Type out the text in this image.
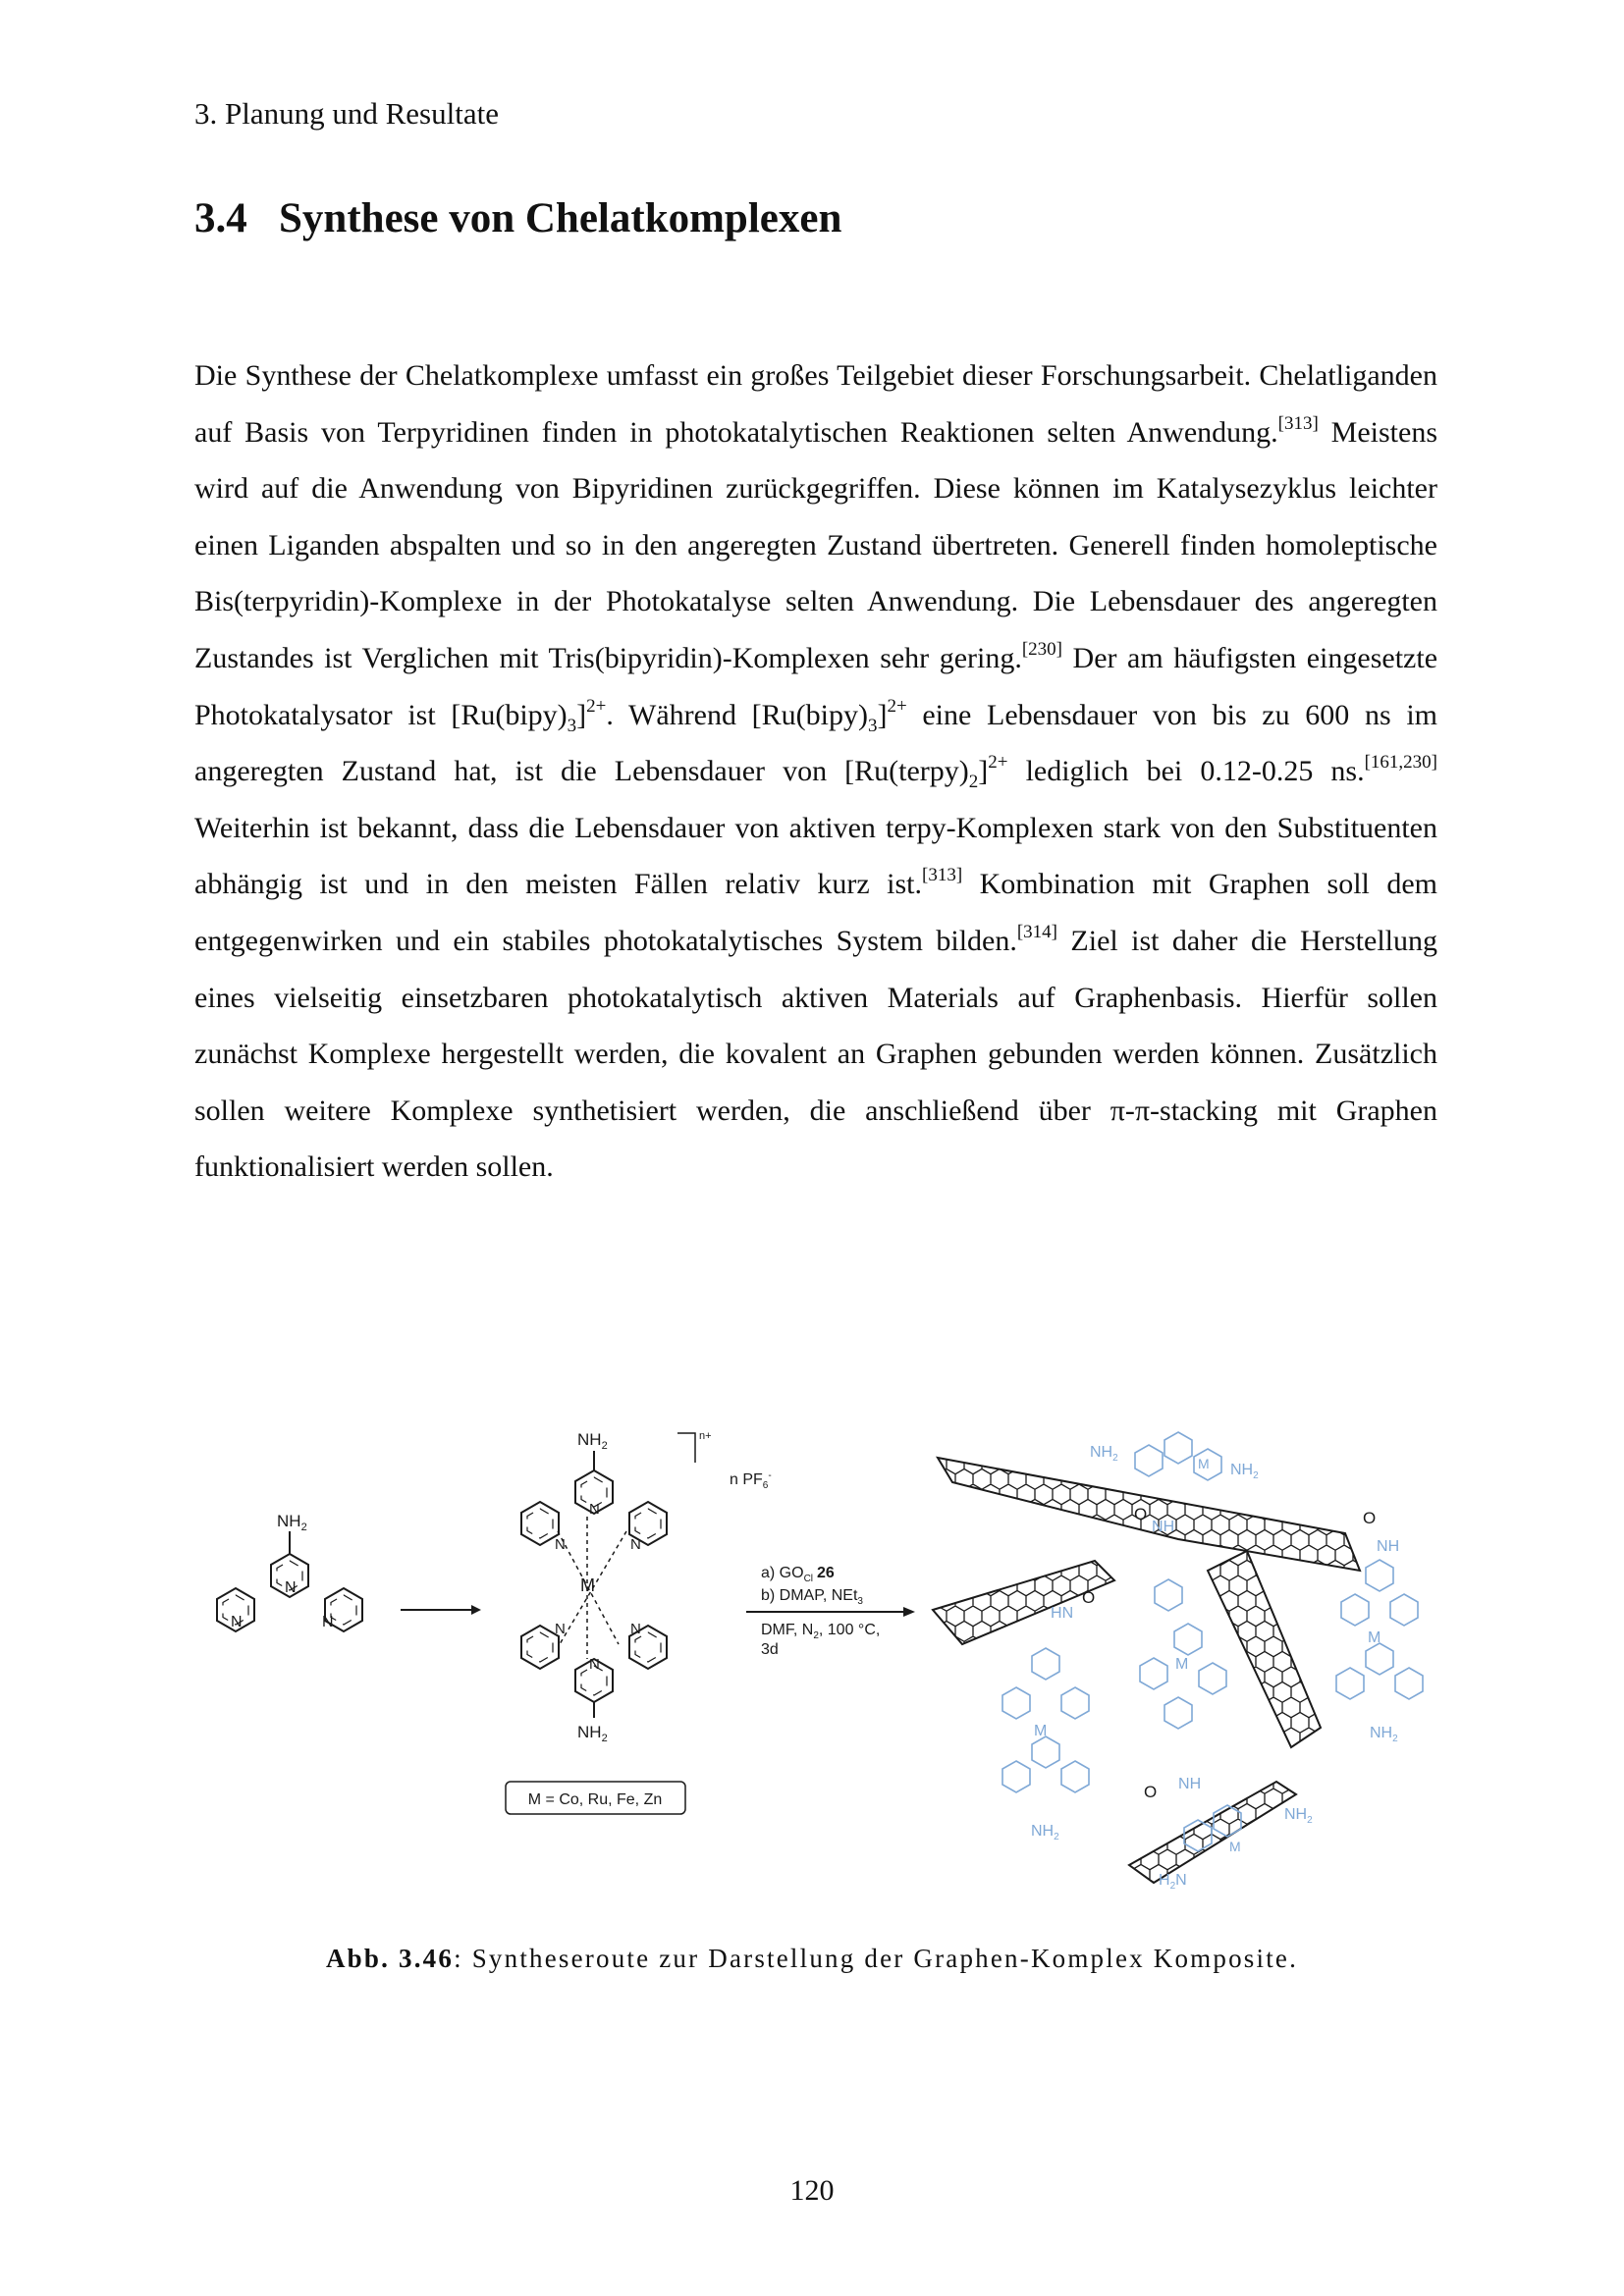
3. Planung und Resultate
3.4 Synthese von Chelatkomplexen

Die Synthese der Chelatkomplexe umfasst ein großes Teilgebiet dieser Forschungsarbeit. Chelatliganden auf Basis von Terpyridinen finden in photokatalytischen Reaktionen selten Anwendung.[313] Meistens wird auf die Anwendung von Bipyridinen zurückgegriffen. Diese können im Katalysezyklus leichter einen Liganden abspalten und so in den angeregten Zustand übertreten. Generell finden homoleptische Bis(terpyridin)-Komplexe in der Photokatalyse selten Anwendung. Die Lebensdauer des angeregten Zustandes ist Verglichen mit Tris(bipyridin)-Komplexen sehr gering.[230] Der am häufigsten eingesetzte Photokatalysator ist $[Ru(bipy)_3]^{2+}$. Während $[Ru(bipy)_3]^{2+}$ eine Lebensdauer von bis zu 600 ns im angeregten Zustand hat, ist die Lebensdauer von $[Ru(terpy)_2]^{2+}$ lediglich bei 0.12-0.25 ns.[161,230] Weiterhin ist bekannt, dass die Lebensdauer von aktiven terpy-Komplexen stark von den Substituenten abhängig ist und in den meisten Fällen relativ kurz ist.[313] Kombination mit Graphen soll dem entgegenwirken und ein stabiles photokatalytisches System bilden.[314] Ziel ist daher die Herstellung eines vielseitig einsetzbaren photokatalytisch aktiven Materials auf Graphenbasis. Hierfür sollen zunächst Komplexe hergestellt werden, die kovalent an Graphen gebunden werden können. Zusätzlich sollen weitere Komplexe synthetisiert werden, die anschließend über π-π-stacking mit Graphen funktionalisiert werden sollen.

$NH_2$
N
N	N
$NH_2$
$NH_2$
M
N
N
N
N
N
N
n+
n $PF_6^-$
M = Co, Ru, Fe, Zn
a) $GO_{Cl}$ 26
b) DMAP, NEt$_3$
DMF, $N_2$, 100 °C,
3d
O
O
O
O
M
M
M
M
M
$NH_2$
$NH_2$
$NH_2$
$NH_2$
$NH_2$
$H_2N$
NH
NH
HN
NH
Abb. 3.46: Syntheseroute zur Darstellung der Graphen-Komplex Komposite.
120
